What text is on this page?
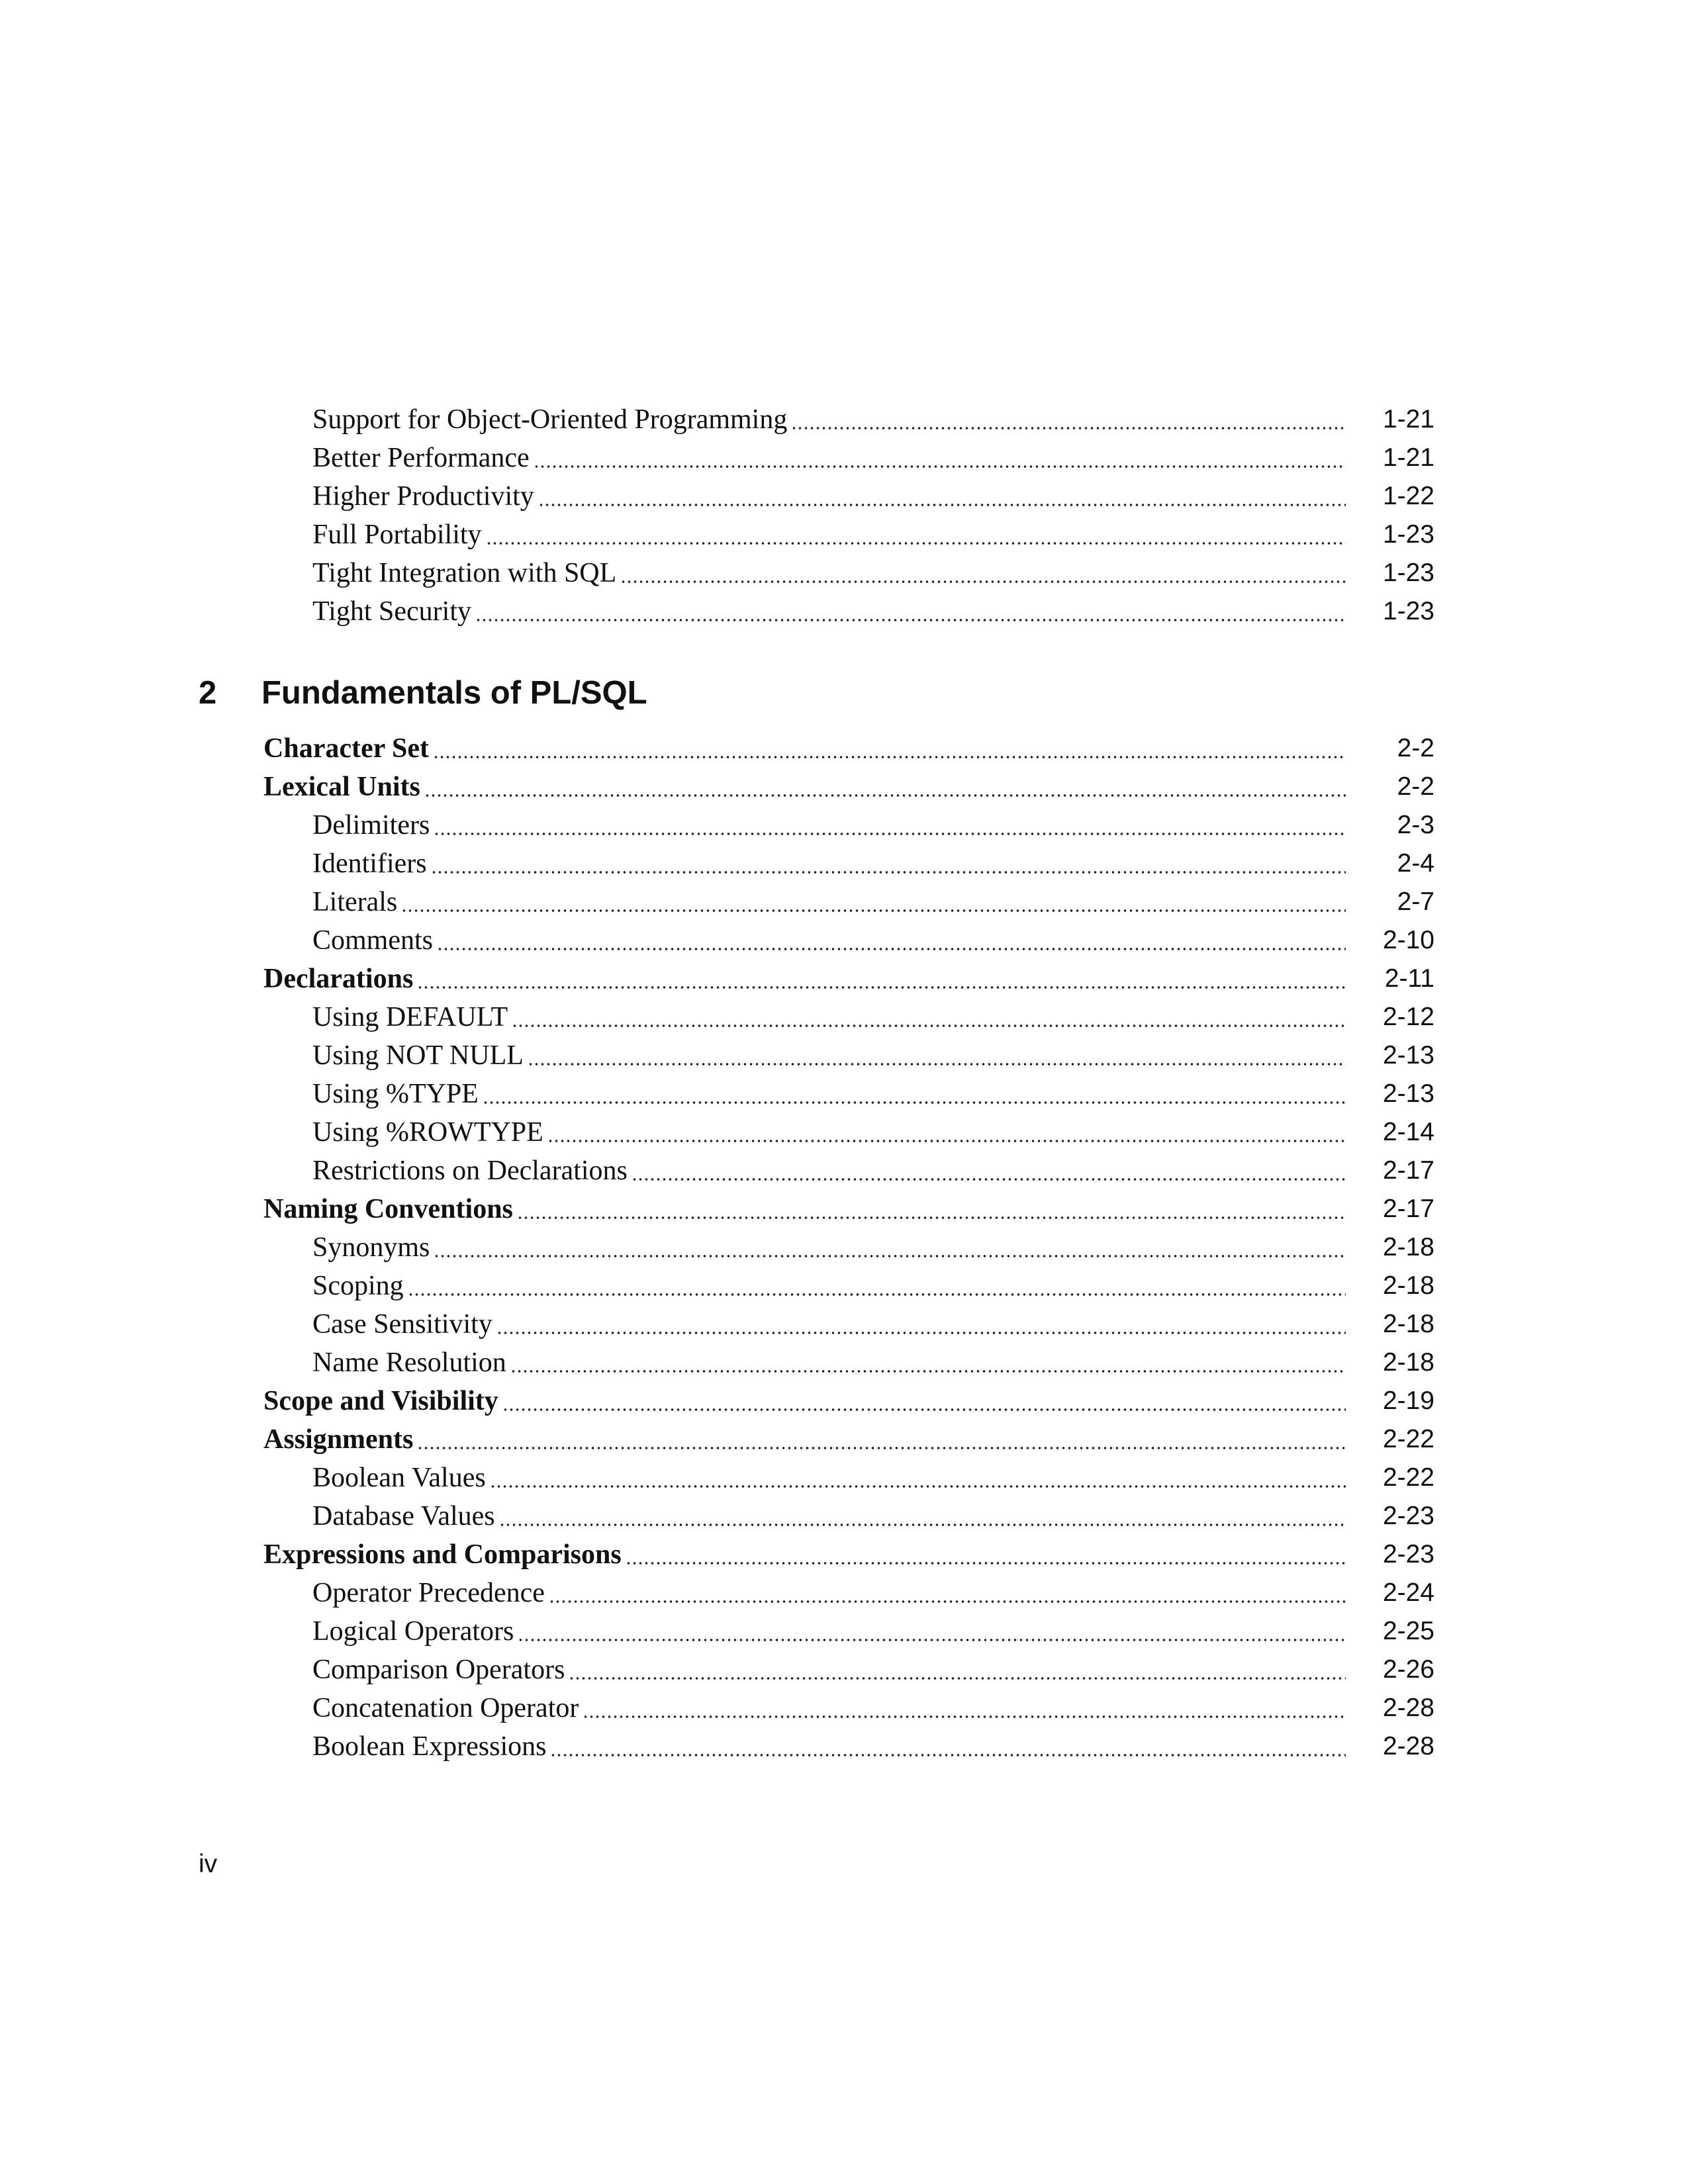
Support for Object-Oriented Programming	1-21
Better Performance	1-21
Higher Productivity	1-22
Full Portability	1-23
Tight Integration with SQL	1-23
Tight Security	1-23
2	Fundamentals of PL/SQL
Character Set	2-2
Lexical Units	2-2
Delimiters	2-3
Identifiers	2-4
Literals	2-7
Comments	2-10
Declarations	2-11
Using DEFAULT	2-12
Using NOT NULL	2-13
Using %TYPE	2-13
Using %ROWTYPE	2-14
Restrictions on Declarations	2-17
Naming Conventions	2-17
Synonyms	2-18
Scoping	2-18
Case Sensitivity	2-18
Name Resolution	2-18
Scope and Visibility	2-19
Assignments	2-22
Boolean Values	2-22
Database Values	2-23
Expressions and Comparisons	2-23
Operator Precedence	2-24
Logical Operators	2-25
Comparison Operators	2-26
Concatenation Operator	2-28
Boolean Expressions	2-28
iv
